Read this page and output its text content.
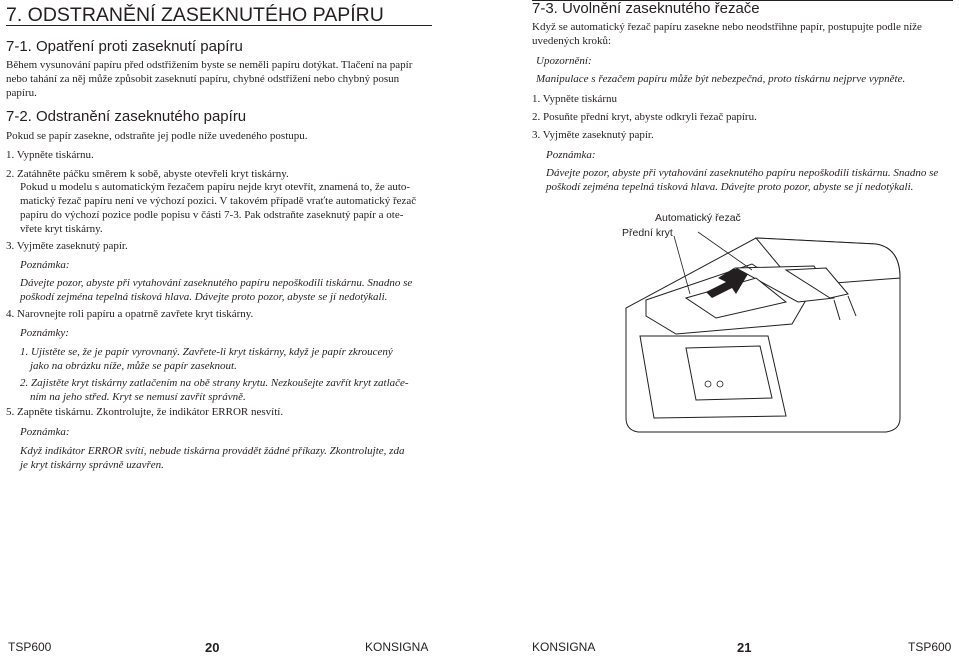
7. ODSTRANĚNÍ ZASEKNUTÉHO PAPÍRU
7-1. Opatření proti zaseknutí papíru

Během vysunování papíru před odstřižením byste se neměli papíru dotýkat. Tlačení na papír

nebo tahání za něj může způsobit zaseknutí papíru, chybné odstřižení nebo chybný posun

papíru.

7-2. Odstranění zaseknutého papíru

Pokud se papír zasekne, odstraňte jej podle níže uvedeného postupu.

1. Vypněte tiskárnu.

2. Zatáhněte páčku směrem k sobě, abyste otevřeli kryt tiskárny.

Pokud u modelu s automatickým řezačem papíru nejde kryt otevřít, znamená to, že auto-

matický řezač papíru není ve výchozí pozici. V takovém případě vraťte automatický řezač

papíru do výchozí pozice podle popisu v části 7-3. Pak odstraňte zaseknutý papír a ote-

vřete kryt tiskárny.

3. Vyjměte zaseknutý papír.

Poznámka:

Dávejte pozor, abyste při vytahování zaseknutého papíru nepoškodili tiskárnu. Snadno se

poškodí zejména tepelná tisková hlava. Dávejte proto pozor, abyste se jí nedotýkali.

4. Narovnejte roli papíru a opatrně zavřete kryt tiskárny.

Poznámky:

1. Ujistěte se, že je papír vyrovnaný. Zavřete-li kryt tiskárny, když je papír zkroucený

jako na obrázku níže, může se papír zaseknout.

2. Zajistěte kryt tiskárny zatlačením na obě strany krytu. Nezkoušejte zavřít kryt zatlače-

ním na jeho střed. Kryt se nemusí zavřít správně.

5. Zapněte tiskárnu. Zkontrolujte, že indikátor ERROR nesvítí.

Poznámka:

Když indikátor ERROR svítí, nebude tiskárna provádět žádné příkazy. Zkontrolujte, zda

je kryt tiskárny správně uzavřen.

TSP600	20	KONSIGNA
7-3. Uvolnění zaseknutého řezače

Když se automatický řezač papíru zasekne nebo neodstřihne papír, postupujte podle níže

uvedených kroků:

Upozornění:

Manipulace s řezačem papíru může být nebezpečná, proto tiskárnu nejprve vypněte.

1. Vypněte tiskárnu

2. Posuňte přední kryt, abyste odkryli řezač papíru.

3. Vyjměte zaseknutý papír.

Poznámka:

Dávejte pozor, abyste při vytahování zaseknutého papíru nepoškodili tiskárnu. Snadno se

poškodí zejména tepelná tisková hlava. Dávejte proto pozor, abyste se jí nedotýkali.

Automatický řezač
Přední kryt
KONSIGNA	21	TSP600
